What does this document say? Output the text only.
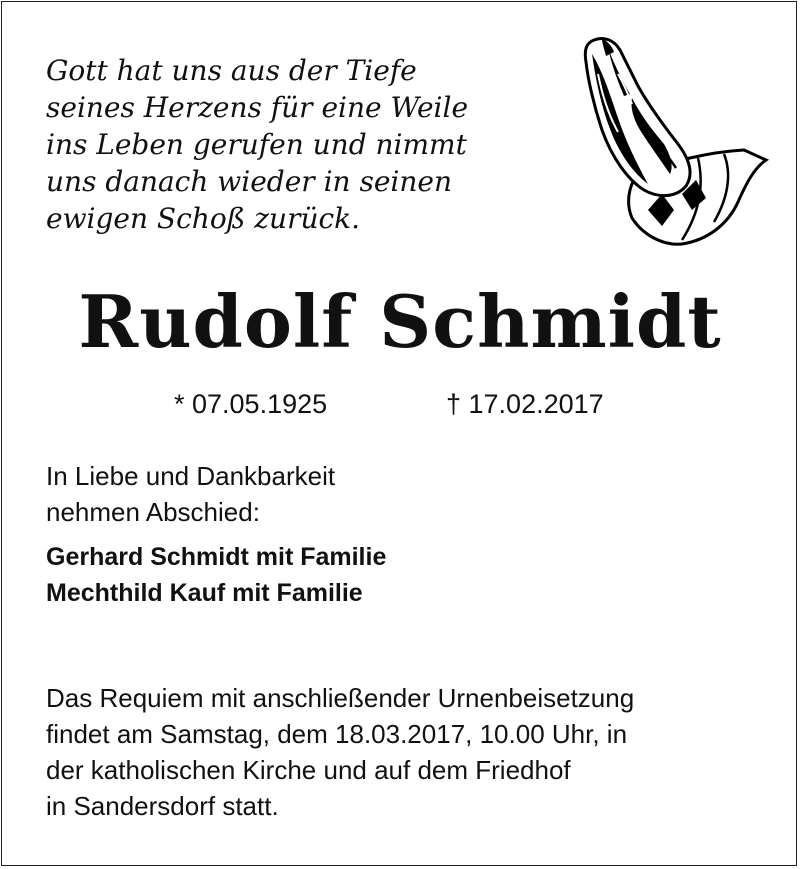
Gott hat uns aus der Tiefe
seines Herzens für eine Weile
ins Leben gerufen und nimmt
uns danach wieder in seinen
ewigen Schoß zurück.

Rudolf Schmidt
* 07.05.1925	† 17.02.2017

In Liebe und Dankbarkeit
nehmen Abschied:

Gerhard Schmidt mit Familie
Mechthild Kauf mit Familie

Das Requiem mit anschließender Urnenbeisetzung
findet am Samstag, dem 18.03.2017, 10.00 Uhr, in
der katholischen Kirche und auf dem Friedhof
in Sandersdorf statt.
